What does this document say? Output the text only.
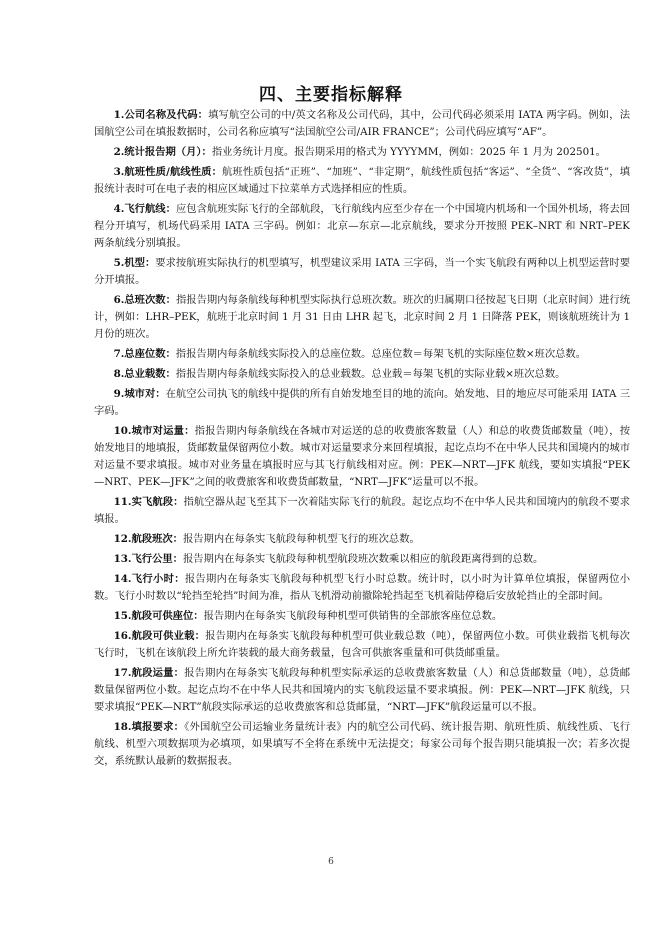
四、主要指标解释

1.公司名称及代码：填写航空公司的中/英文名称及公司代码，其中，公司代码必须采用 IATA 两字码。例如，法国航空公司在填报数据时，公司名称应填写“法国航空公司/AIR FRANCE”；公司代码应填写“AF”。

2.统计报告期（月）：指业务统计月度。报告期采用的格式为 YYYYMM，例如：2025 年 1 月为 202501。

3.航班性质/航线性质：航班性质包括“正班”、“加班”、“非定期”，航线性质包括“客运”、“全货”、“客改货”，填报统计表时可在电子表的相应区域通过下拉菜单方式选择相应的性质。

4.飞行航线：应包含航班实际飞行的全部航段，飞行航线内应至少存在一个中国境内机场和一个国外机场，将去回程分开填写，机场代码采用 IATA 三字码。例如：北京—东京—北京航线，要求分开按照 PEK–NRT 和 NRT–PEK 两条航线分别填报。

5.机型：要求按航班实际执行的机型填写，机型建议采用 IATA 三字码，当一个实飞航段有两种以上机型运营时要分开填报。

6.总班次数：指报告期内每条航线每种机型实际执行总班次数。班次的归属期口径按起飞日期（北京时间）进行统计，例如：LHR–PEK，航班于北京时间 1 月 31 日由 LHR 起飞，北京时间 2 月 1 日降落 PEK，则该航班统计为 1 月份的班次。

7.总座位数：指报告期内每条航线实际投入的总座位数。总座位数＝每架飞机的实际座位数×班次总数。

8.总业载数：指报告期内每条航线实际投入的总业载数。总业载＝每架飞机的实际业载×班次总数。

9.城市对：在航空公司执飞的航线中提供的所有自始发地至目的地的流向。始发地、目的地应尽可能采用 IATA 三字码。

10.城市对运量：指报告期内每条航线在各城市对运送的总的收费旅客数量（人）和总的收费货邮数量（吨），按始发地目的地填报，货邮数量保留两位小数。城市对运量要求分来回程填报，起讫点均不在中华人民共和国境内的城市对运量不要求填报。城市对业务量在填报时应与其飞行航线相对应。例：PEK—NRT—JFK 航线，要如实填报“PEK—NRT、PEK—JFK”之间的收费旅客和收费货邮数量，“NRT—JFK”运量可以不报。

11.实飞航段：指航空器从起飞至其下一次着陆实际飞行的航段。起讫点均不在中华人民共和国境内的航段不要求填报。

12.航段班次：报告期内在每条实飞航段每种机型飞行的班次总数。

13.飞行公里：报告期内在每条实飞航段每种机型航段班次数乘以相应的航段距离得到的总数。

14.飞行小时：报告期内在每条实飞航段每种机型飞行小时总数。统计时，以小时为计算单位填报，保留两位小数。飞行小时数以“轮挡至轮挡”时间为准，指从飞机滑动前撤除轮挡起至飞机着陆停稳后安放轮挡止的全部时间。

15.航段可供座位：报告期内在每条实飞航段每种机型可供销售的全部旅客座位总数。

16.航段可供业载：报告期内在每条实飞航段每种机型可供业载总数（吨），保留两位小数。可供业载指飞机每次飞行时，飞机在该航段上所允许装载的最大商务载量，包含可供旅客重量和可供货邮重量。

17.航段运量：报告期内在每条实飞航段每种机型实际承运的总收费旅客数量（人）和总货邮数量（吨），总货邮数量保留两位小数。起讫点均不在中华人民共和国境内的实飞航段运量不要求填报。例：PEK—NRT—JFK 航线，只要求填报“PEK—NRT”航段实际承运的总收费旅客和总货邮量，“NRT—JFK”航段运量可以不报。

18.填报要求：《外国航空公司运输业务量统计表》内的航空公司代码、统计报告期、航班性质、航线性质、飞行航线、机型六项数据项为必填项，如果填写不全将在系统中无法提交；每家公司每个报告期只能填报一次；若多次提交，系统默认最新的数据报表。

6
